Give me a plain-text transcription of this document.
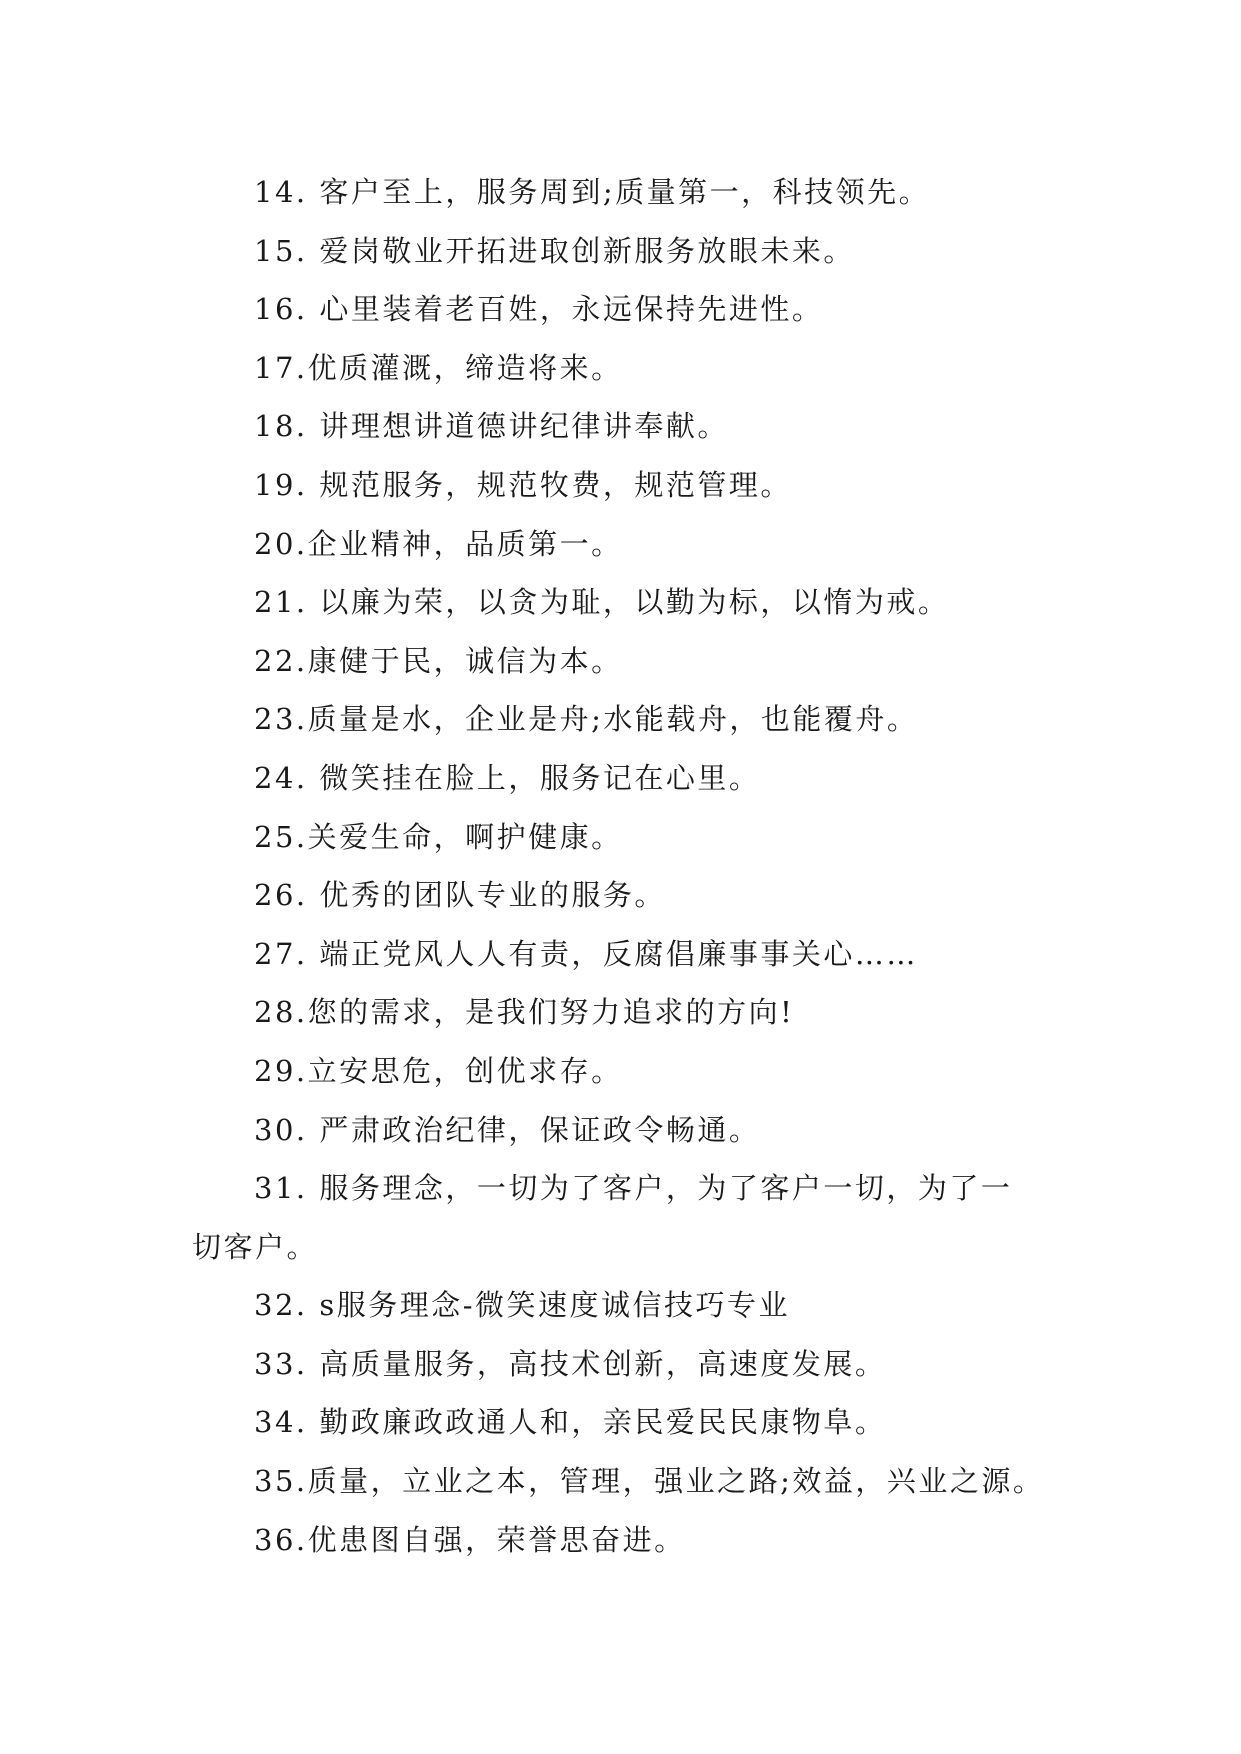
14. 客户至上，服务周到;质量第一，科技领先。
15. 爱岗敬业开拓进取创新服务放眼未来。
16. 心里装着老百姓，永远保持先进性。
17.优质灌溉，缔造将来。
18. 讲理想讲道德讲纪律讲奉献。
19. 规范服务，规范牧费，规范管理。
20.企业精神，品质第一。
21. 以廉为荣，以贪为耻，以勤为标，以惰为戒。
22.康健于民，诚信为本。
23.质量是水，企业是舟;水能载舟，也能覆舟。
24. 微笑挂在脸上，服务记在心里。
25.关爱生命，啊护健康。
26. 优秀的团队专业的服务。
27. 端正党风人人有责，反腐倡廉事事关心……
28.您的需求，是我们努力追求的方向!
29.立安思危，创优求存。
30. 严肃政治纪律，保证政令畅通。
31. 服务理念，一切为了客户，为了客户一切，为了一
切客户。
32. s服务理念-微笑速度诚信技巧专业
33. 高质量服务，高技术创新，高速度发展。
34. 勤政廉政政通人和，亲民爱民民康物阜。
35.质量，立业之本，管理，强业之路;效益，兴业之源。
36.优患图自强，荣誉思奋进。
